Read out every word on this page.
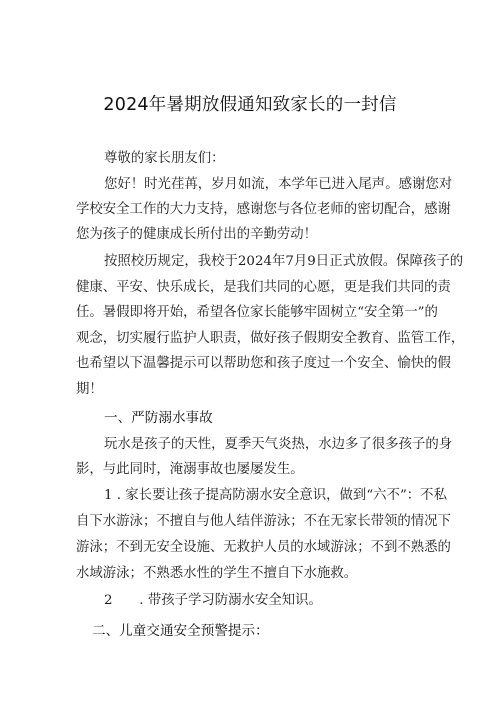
2024年暑期放假通知致家长的一封信
尊敬的家长朋友们：
您好！时光荏苒，岁月如流，本学年已进入尾声。感谢您对
学校安全工作的大力支持，感谢您与各位老师的密切配合，感谢
您为孩子的健康成长所付出的辛勤劳动！
按照校历规定，我校于2024年7月9日正式放假。保障孩子的
健康、平安、快乐成长，是我们共同的心愿，更是我们共同的责
任。暑假即将开始，希望各位家长能够牢固树立“安全第一”的
观念，切实履行监护人职责，做好孩子假期安全教育、监管工作，
也希望以下温馨提示可以帮助您和孩子度过一个安全、愉快的假
期！
一、严防溺水事故
玩水是孩子的天性，夏季天气炎热，水边多了很多孩子的身
影，与此同时，淹溺事故也屡屡发生。
1 . 家长要让孩子提高防溺水安全意识，做到“六不”：不私
自下水游泳；不擅自与他人结伴游泳；不在无家长带领的情况下
游泳；不到无安全设施、无救护人员的水域游泳；不到不熟悉的
水域游泳；不熟悉水性的学生不擅自下水施救。
2　　. 带孩子学习防溺水安全知识。
二、儿童交通安全预警提示：
